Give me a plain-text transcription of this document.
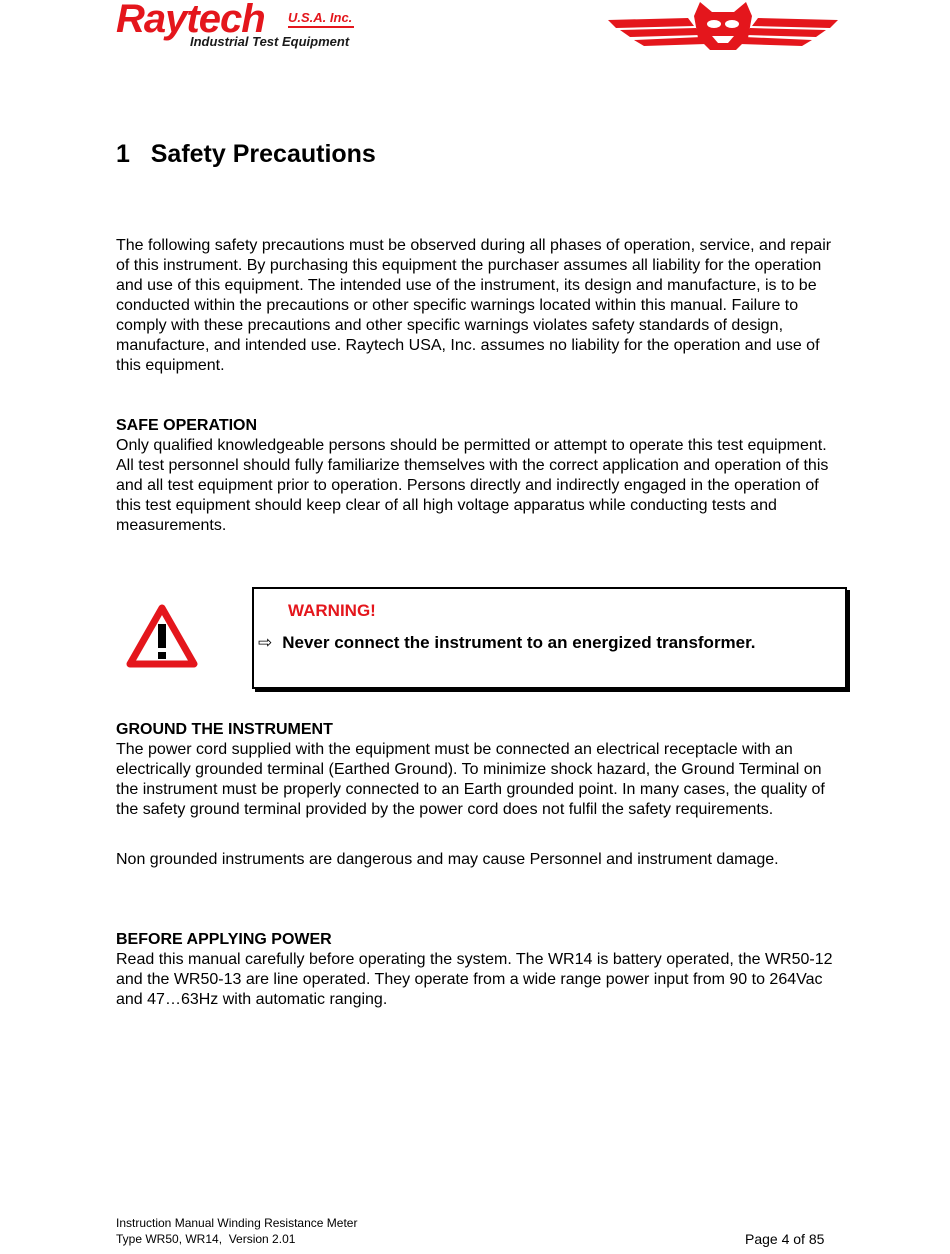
Raytech U.S.A. Inc.
Industrial Test Equipment
1 Safety Precautions
The following safety precautions must be observed during all phases of operation, service, and repair of this instrument. By purchasing this equipment the purchaser assumes all liability for the operation and use of this equipment. The intended use of the instrument, its design and manufacture, is to be conducted within the precautions or other specific warnings located within this manual. Failure to comply with these precautions and other specific warnings violates safety standards of design, manufacture, and intended use. Raytech USA, Inc. assumes no liability for the operation and use of this equipment.
SAFE OPERATION
Only qualified knowledgeable persons should be permitted or attempt to operate this test equipment. All test personnel should fully familiarize themselves with the correct application and operation of this and all test equipment prior to operation. Persons directly and indirectly engaged in the operation of this test equipment should keep clear of all high voltage apparatus while conducting tests and measurements.
WARNING!
⇨ Never connect the instrument to an energized transformer.
GROUND THE INSTRUMENT
The power cord supplied with the equipment must be connected an electrical receptacle with an electrically grounded terminal (Earthed Ground). To minimize shock hazard, the Ground Terminal on the instrument must be properly connected to an Earth grounded point. In many cases, the quality of the safety ground terminal provided by the power cord does not fulfil the safety requirements.
Non grounded instruments are dangerous and may cause Personnel and instrument damage.
BEFORE APPLYING POWER
Read this manual carefully before operating the system. The WR14 is battery operated, the WR50-12 and the WR50-13 are line operated. They operate from a wide range power input from 90 to 264Vac and 47…63Hz with automatic ranging.
Instruction Manual Winding Resistance Meter
Type WR50, WR14,  Version 2.01	Page 4 of 85
